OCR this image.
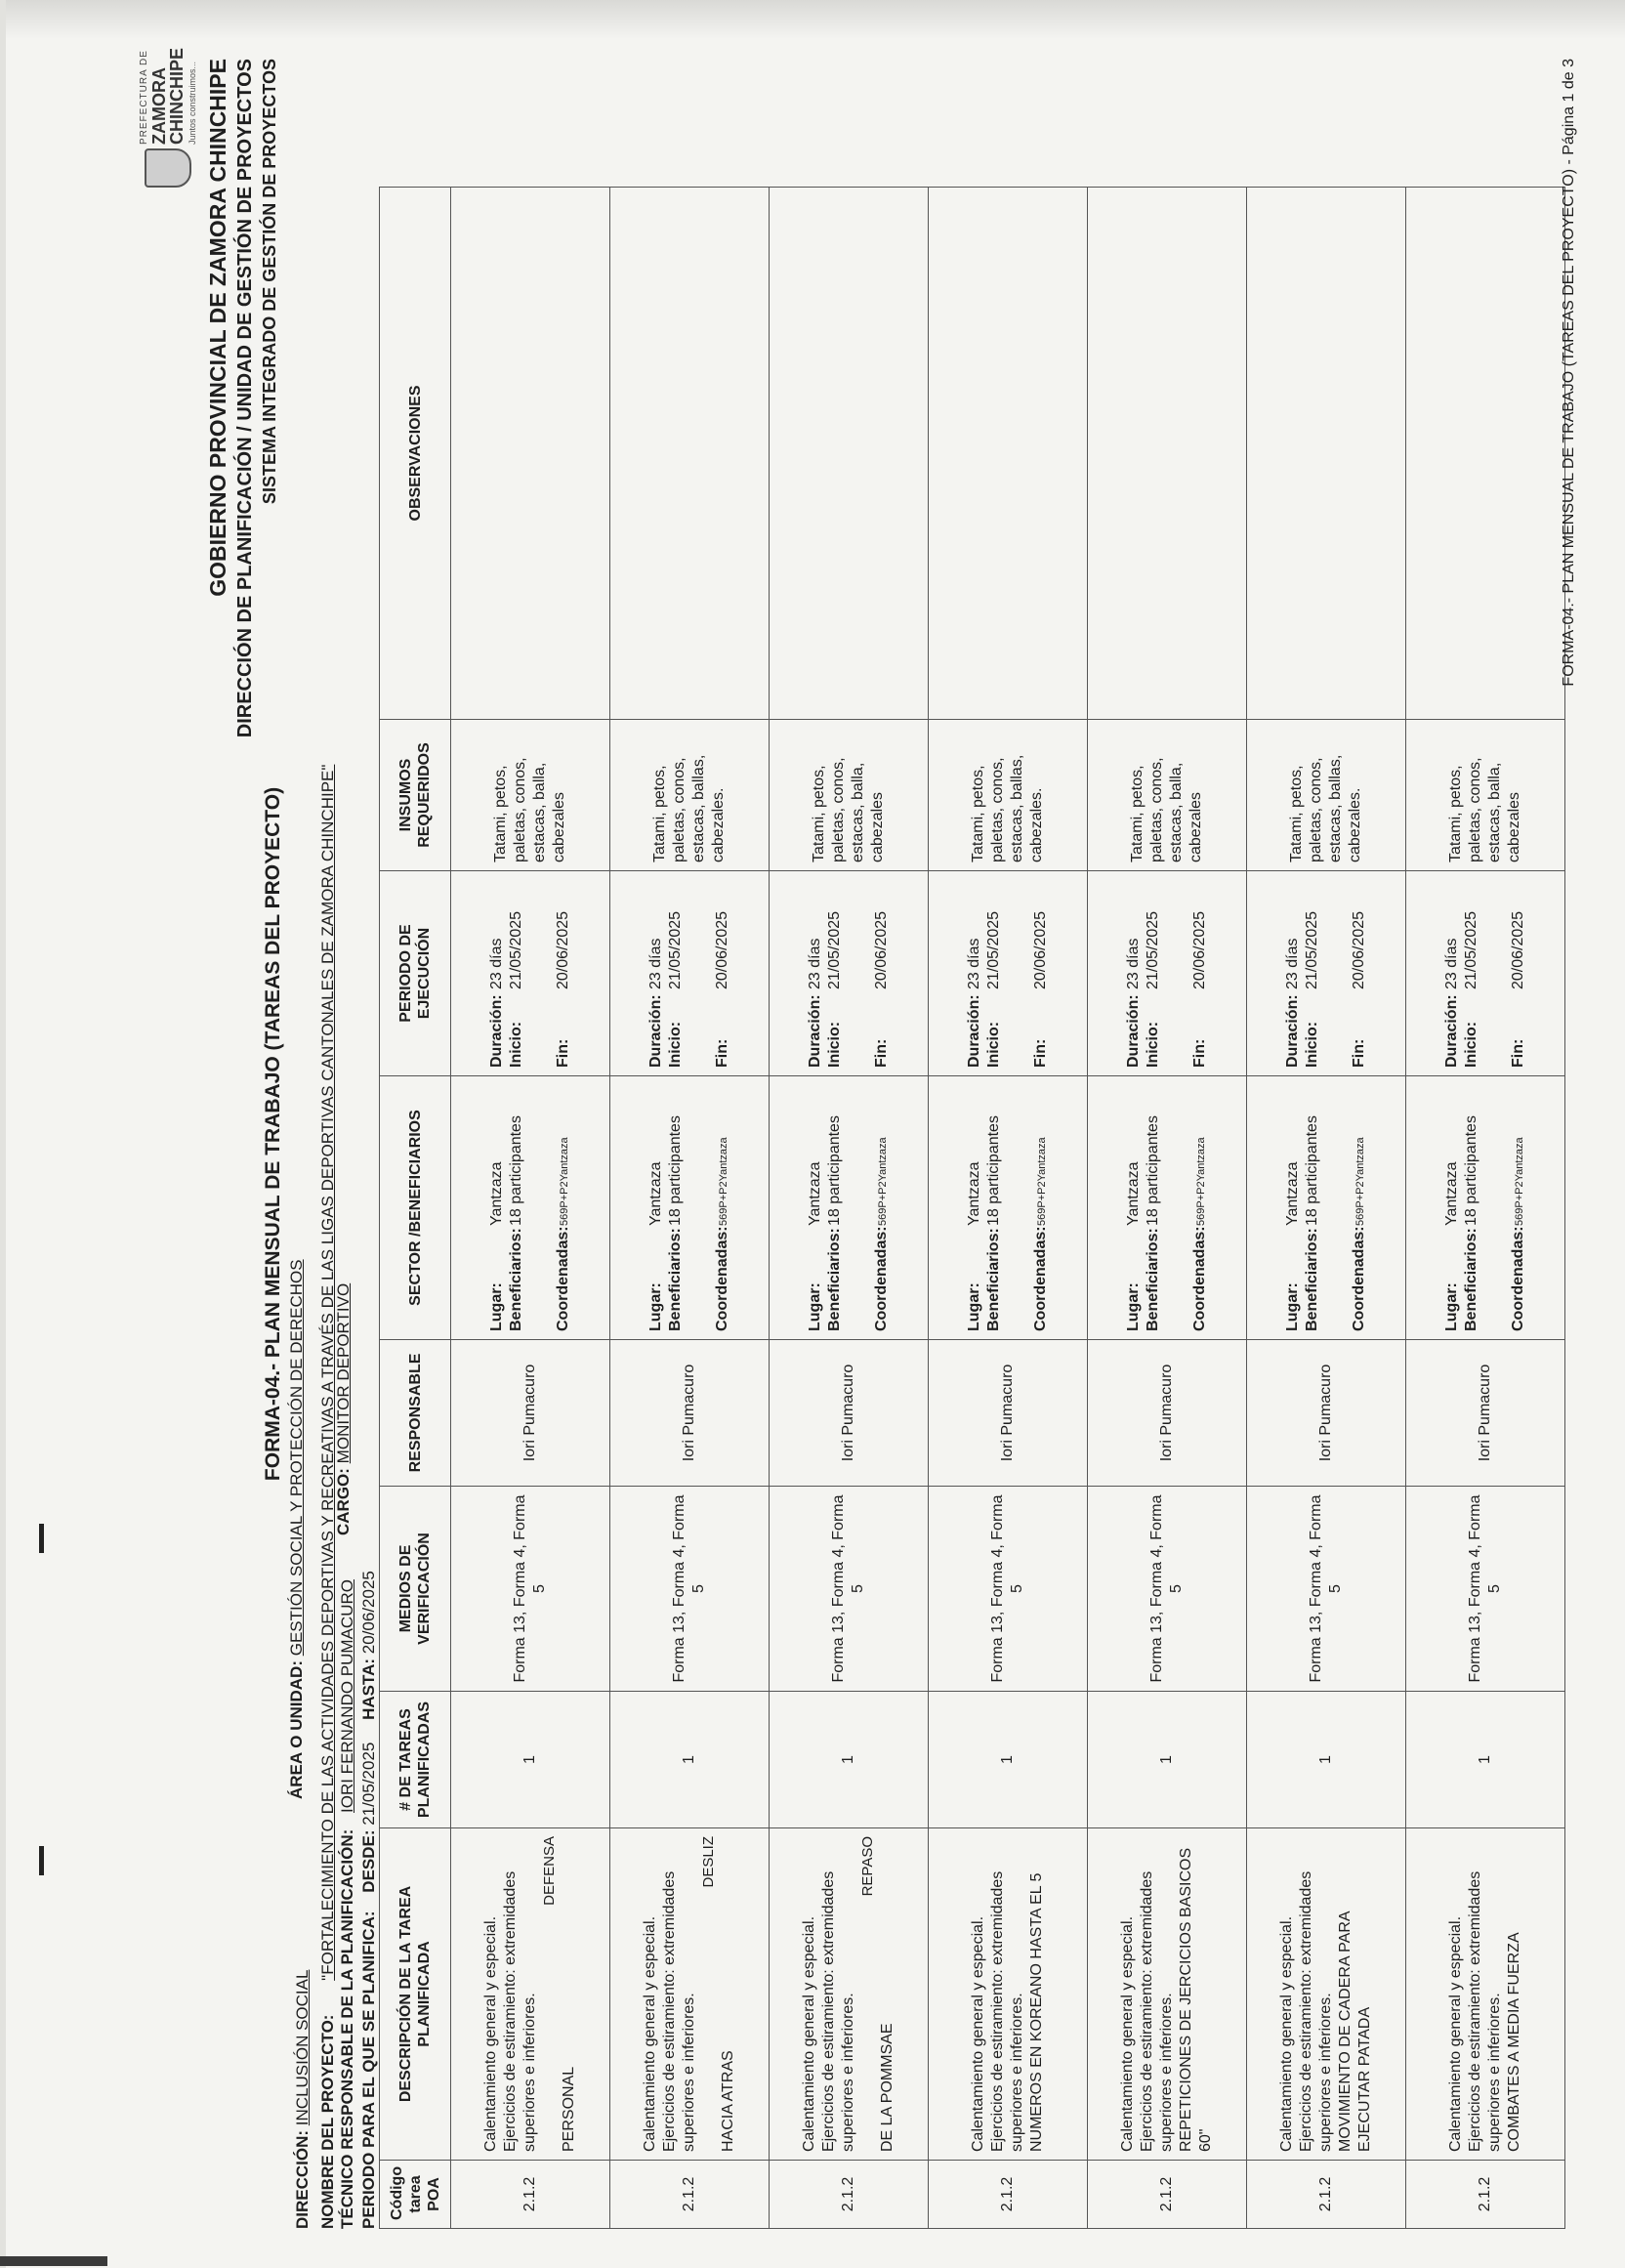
PREFECTURA DE ZAMORA
CHINCHIPE Juntos construimos... GOBIERNO PROVINCIAL DE ZAMORA CHINCHIPE DIRECCIÓN DE PLANIFICACIÓN / UNIDAD DE GESTIÓN DE PROYECTOS SISTEMA INTEGRADO DE GESTIÓN DE PROYECTOS
FORMA-04.- PLAN MENSUAL DE TRABAJO (TAREAS DEL PROYECTO)
DIRECCIÓN: INCLUSIÓN SOCIAL
ÁREA O UNIDAD: GESTIÓN SOCIAL Y PROTECCIÓN DE DERECHOS
NOMBRE DEL PROYECTO: "FORTALECIMIENTO DE LAS ACTIVIDADES DEPORTIVAS Y RECREATIVAS A TRAVÉS DE LAS LIGAS DEPORTIVAS CANTONALES DE ZAMORA CHINCHIPE"
TÉCNICO RESPONSABLE DE LA PLANIFICACIÓN: IORI FERNANDO PUMACURO
CARGO: MONITOR DEPORTIVO
PERIODO PARA EL QUE SE PLANIFICA: DESDE: 21/05/2025 HASTA: 20/06/2025
Código tarea POA	DESCRIPCIÓN DE LA TAREA PLANIFICADA	# DE TAREAS PLANIFICADAS	MEDIOS DE VERIFICACIÓN	RESPONSABLE	SECTOR /BENEFICIARIOS	PERIODO DE EJECUCIÓN	INSUMOS REQUERIDOS	OBSERVACIONES
2.1.2	Calentamiento general y especial. Ejercicios de estiramiento: extremidades superiores e inferiores.
DEFENSA
PERSONAL	1	Forma 13, Forma 4, Forma 5	Iori Pumacuro	Lugar:Yantzaza
Beneficiarios:18 participantes
Coordenadas:569P+P2Yantzaza	Duración:23 días
Inicio:21/05/2025
Fin:20/06/2025	Tatami, petos, paletas, conos, estacas, balla, cabezales	
2.1.2	Calentamiento general y especial. Ejercicios de estiramiento: extremidades superiores e inferiores.
DESLIZ
HACIA ATRAS	1	Forma 13, Forma 4, Forma 5	Iori Pumacuro	Lugar:Yantzaza
Beneficiarios:18 participantes
Coordenadas:569P+P2Yantzaza	Duración:23 días
Inicio:21/05/2025
Fin:20/06/2025	Tatami, petos, paletas, conos, estacas, ballas, cabezales.	
2.1.2	Calentamiento general y especial. Ejercicios de estiramiento: extremidades superiores e inferiores.
REPASO
DE LA POMMSAE	1	Forma 13, Forma 4, Forma 5	Iori Pumacuro	Lugar:Yantzaza
Beneficiarios:18 participantes
Coordenadas:569P+P2Yantzaza	Duración:23 días
Inicio:21/05/2025
Fin:20/06/2025	Tatami, petos, paletas, conos, estacas, balla, cabezales	
2.1.2	Calentamiento general y especial. Ejercicios de estiramiento: extremidades superiores e inferiores. NUMEROS EN KOREANO HASTA EL 5	1	Forma 13, Forma 4, Forma 5	Iori Pumacuro	Lugar:Yantzaza
Beneficiarios:18 participantes
Coordenadas:569P+P2Yantzaza	Duración:23 días
Inicio:21/05/2025
Fin:20/06/2025	Tatami, petos, paletas, conos, estacas, ballas, cabezales.	
2.1.2	Calentamiento general y especial. Ejercicios de estiramiento: extremidades superiores e inferiores. REPETICIONES DE JERCICIOS BASICOS 60"	1	Forma 13, Forma 4, Forma 5	Iori Pumacuro	Lugar:Yantzaza
Beneficiarios:18 participantes
Coordenadas:569P+P2Yantzaza	Duración:23 días
Inicio:21/05/2025
Fin:20/06/2025	Tatami, petos, paletas, conos, estacas, balla, cabezales	
2.1.2	Calentamiento general y especial. Ejercicios de estiramiento: extremidades superiores e inferiores. MOVIMIENTO DE CADERA PARA EJECUTAR PATADA	1	Forma 13, Forma 4, Forma 5	Iori Pumacuro	Lugar:Yantzaza
Beneficiarios:18 participantes
Coordenadas:569P+P2Yantzaza	Duración:23 días
Inicio:21/05/2025
Fin:20/06/2025	Tatami, petos, paletas, conos, estacas, ballas, cabezales.	
2.1.2	Calentamiento general y especial. Ejercicios de estiramiento: extremidades superiores e inferiores. COMBATES A MEDIA FUERZA	1	Forma 13, Forma 4, Forma 5	Iori Pumacuro	Lugar:Yantzaza
Beneficiarios:18 participantes
Coordenadas:569P+P2Yantzaza	Duración:23 días
Inicio:21/05/2025
Fin:20/06/2025	Tatami, petos, paletas, conos, estacas, balla, cabezales	
FORMA-04.- PLAN MENSUAL DE TRABAJO (TAREAS DEL PROYECTO) - Página 1 de 3
